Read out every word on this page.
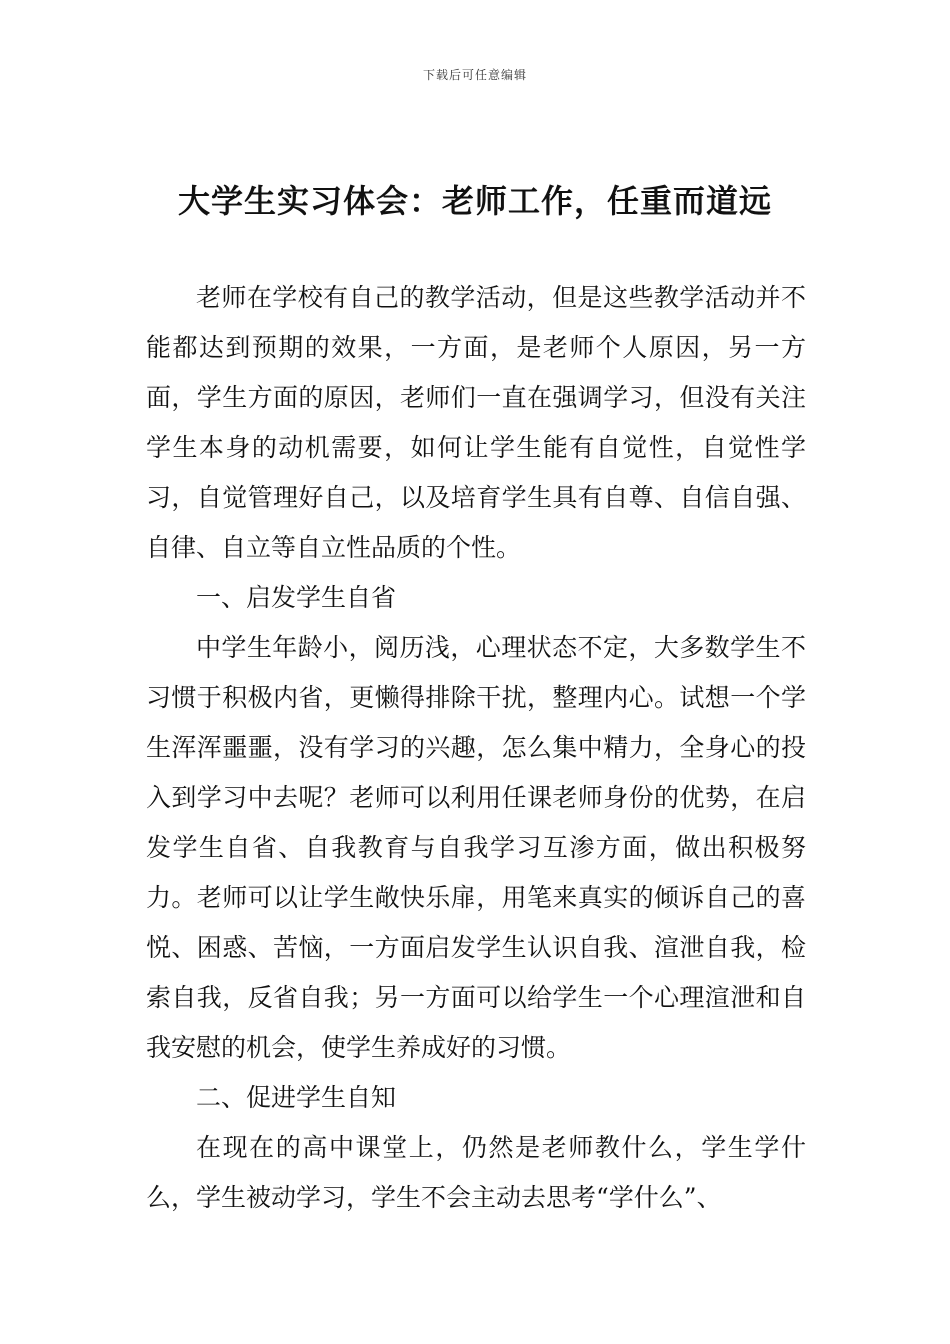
下载后可任意编辑
大学生实习体会：老师工作，任重而道远

老师在学校有自己的教学活动，但是这些教学活动并不能都达到预期的效果，一方面，是老师个人原因，另一方面，学生方面的原因，老师们一直在强调学习，但没有关注学生本身的动机需要，如何让学生能有自觉性，自觉性学习，自觉管理好自己，以及培育学生具有自尊、自信自强、自律、自立等自立性品质的个性。

一、启发学生自省

中学生年龄小，阅历浅，心理状态不定，大多数学生不习惯于积极内省，更懒得排除干扰，整理内心。试想一个学生浑浑噩噩，没有学习的兴趣，怎么集中精力，全身心的投入到学习中去呢？老师可以利用任课老师身份的优势，在启发学生自省、自我教育与自我学习互渗方面，做出积极努力。老师可以让学生敞快乐扉，用笔来真实的倾诉自己的喜悦、困惑、苦恼，一方面启发学生认识自我、渲泄自我，检索自我，反省自我；另一方面可以给学生一个心理渲泄和自我安慰的机会，使学生养成好的习惯。

二、促进学生自知

在现在的高中课堂上，仍然是老师教什么，学生学什么，学生被动学习，学生不会主动去思考“学什么”、
